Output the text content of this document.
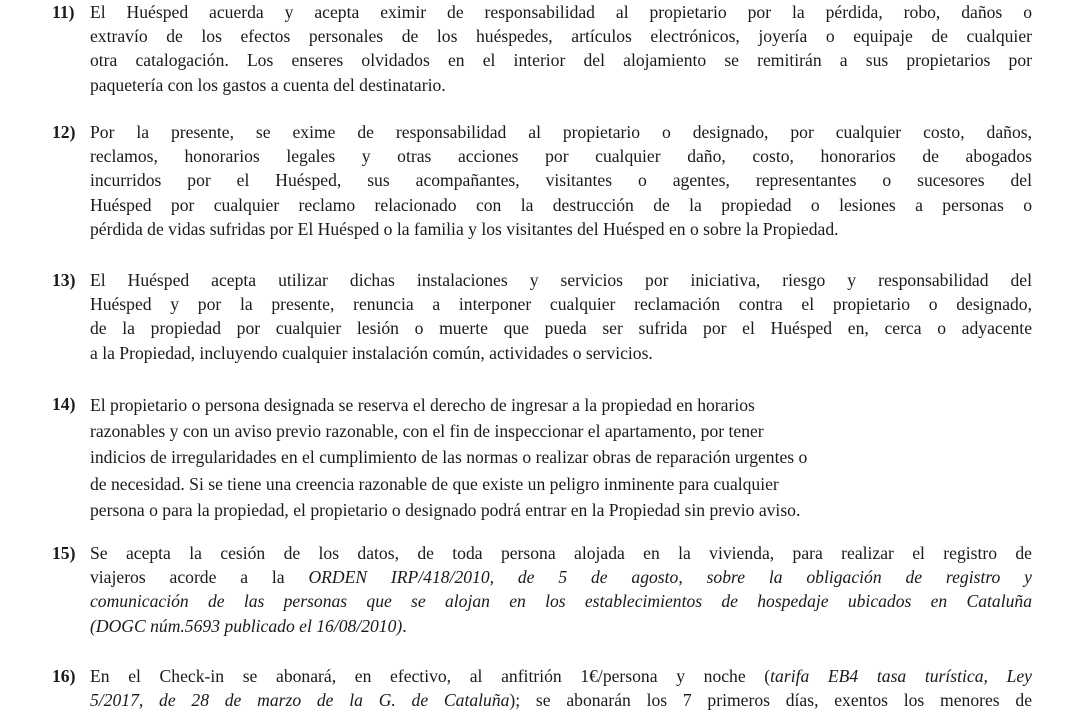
11) El Huésped acuerda y acepta eximir de responsabilidad al propietario por la pérdida, robo, daños o
extravío de los efectos personales de los huéspedes, artículos electrónicos, joyería o equipaje de cualquier
otra catalogación. Los enseres olvidados en el interior del alojamiento se remitirán a sus propietarios por
paquetería con los gastos a cuenta del destinatario.
12) Por la presente, se exime de responsabilidad al propietario o designado, por cualquier costo, daños,
reclamos, honorarios legales y otras acciones por cualquier daño, costo, honorarios de abogados
incurridos por el Huésped, sus acompañantes, visitantes o agentes, representantes o sucesores del
Huésped por cualquier reclamo relacionado con la destrucción de la propiedad o lesiones a personas o
pérdida de vidas sufridas por El Huésped o la familia y los visitantes del Huésped en o sobre la Propiedad.
13) El Huésped acepta utilizar dichas instalaciones y servicios por iniciativa, riesgo y responsabilidad del
Huésped y por la presente, renuncia a interponer cualquier reclamación contra el propietario o designado,
de la propiedad por cualquier lesión o muerte que pueda ser sufrida por el Huésped en, cerca o adyacente
a la Propiedad, incluyendo cualquier instalación común, actividades o servicios.
14) El propietario o persona designada se reserva el derecho de ingresar a la propiedad en horarios
razonables y con un aviso previo razonable, con el fin de inspeccionar el apartamento, por tener
indicios de irregularidades en el cumplimiento de las normas o realizar obras de reparación urgentes o
de necesidad. Si se tiene una creencia razonable de que existe un peligro inminente para cualquier
persona o para la propiedad, el propietario o designado podrá entrar en la Propiedad sin previo aviso.
15) Se acepta la cesión de los datos, de toda persona alojada en la vivienda, para realizar el registro de
viajeros acorde a la ORDEN IRP/418/2010, de 5 de agosto, sobre la obligación de registro y
comunicación de las personas que se alojan en los establecimientos de hospedaje ubicados en Cataluña
(DOGC núm.5693 publicado el 16/08/2010).
16) En el Check-in se abonará, en efectivo, al anfitrión 1€/persona y noche (tarifa EB4 tasa turística, Ley
5/2017, de 28 de marzo de la G. de Cataluña); se abonarán los 7 primeros días, exentos los menores de
